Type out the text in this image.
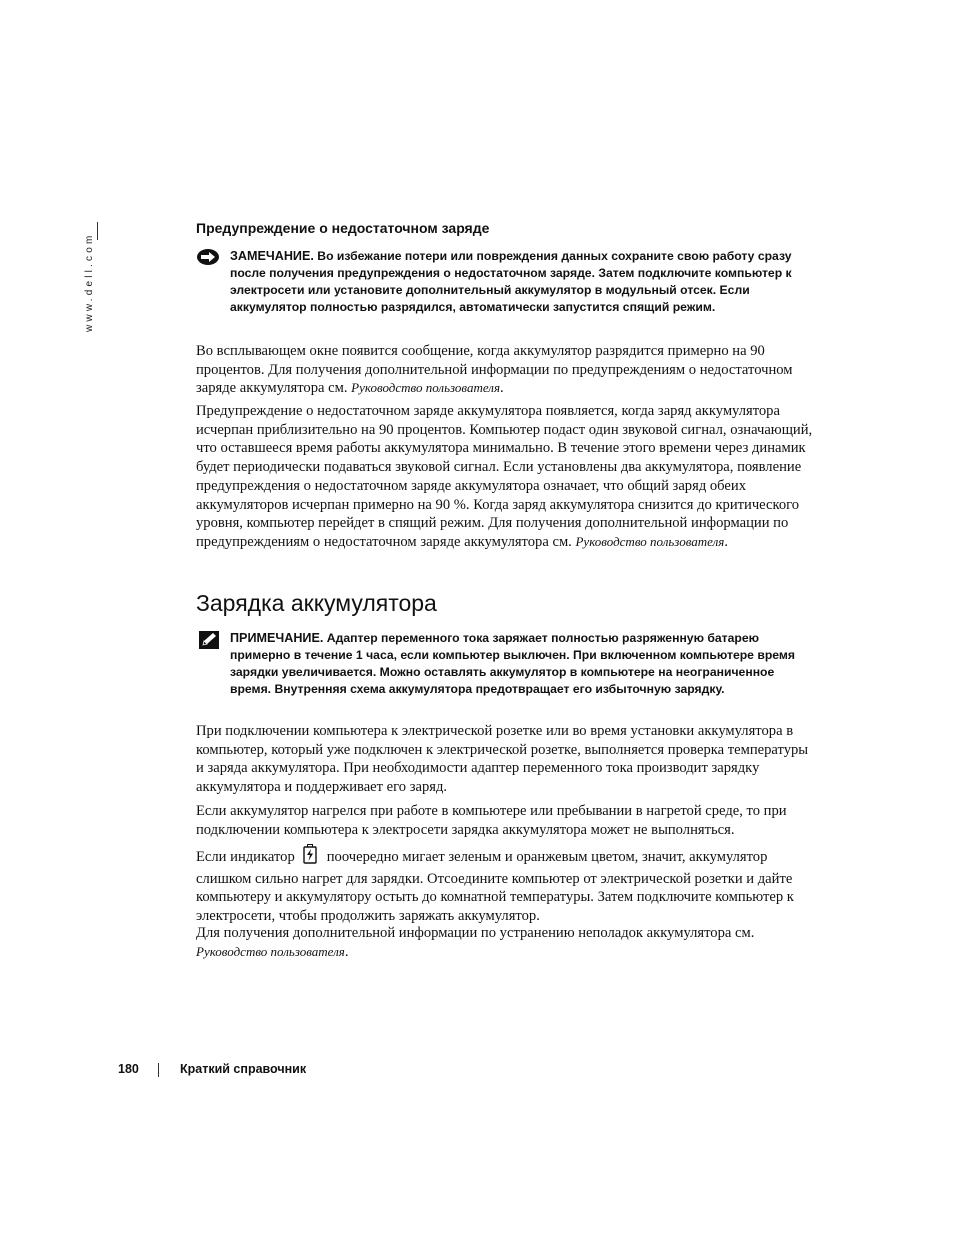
www.dell.com
Предупреждение о недостаточном заряде
ЗАМЕЧАНИЕ. Во избежание потери или повреждения данных сохраните свою работу сразу после получения предупреждения о недостаточном заряде. Затем подключите компьютер к электросети или установите дополнительный аккумулятор в модульный отсек. Если аккумулятор полностью разрядился, автоматически запустится спящий режим.

Во всплывающем окне появится сообщение, когда аккумулятор разрядится примерно на 90 процентов. Для получения дополнительной информации по предупреждениям о недостаточном заряде аккумулятора см. Руководство пользователя.

Предупреждение о недостаточном заряде аккумулятора появляется, когда заряд аккумулятора исчерпан приблизительно на 90 процентов. Компьютер подаст один звуковой сигнал, означающий, что оставшееся время работы аккумулятора минимально. В течение этого времени через динамик будет периодически подаваться звуковой сигнал. Если установлены два аккумулятора, появление предупреждения о недостаточном заряде аккумулятора означает, что общий заряд обеих аккумуляторов исчерпан примерно на 90 %. Когда заряд аккумулятора снизится до критического уровня, компьютер перейдет в спящий режим. Для получения дополнительной информации по предупреждениям о недостаточном заряде аккумулятора см. Руководство пользователя.

Зарядка аккумулятора
ПРИМЕЧАНИЕ. Адаптер переменного тока заряжает полностью разряженную батарею примерно в течение 1 часа, если компьютер выключен. При включенном компьютере время зарядки увеличивается. Можно оставлять аккумулятор в компьютере на неограниченное время. Внутренняя схема аккумулятора предотвращает его избыточную зарядку.

При подключении компьютера к электрической розетке или во время установки аккумулятора в компьютер, который уже подключен к электрической розетке, выполняется проверка температуры и заряда аккумулятора. При необходимости адаптер переменного тока производит зарядку аккумулятора и поддерживает его заряд.

Если аккумулятор нагрелся при работе в компьютере или пребывании в нагретой среде, то при подключении компьютера к электросети зарядка аккумулятора может не выполняться.

Если индикатор поочередно мигает зеленым и оранжевым цветом, значит, аккумулятор слишком сильно нагрет для зарядки. Отсоедините компьютер от электрической розетки и дайте компьютеру и аккумулятору остыть до комнатной температуры. Затем подключите компьютер к электросети, чтобы продолжить заряжать аккумулятор.

Для получения дополнительной информации по устранению неполадок аккумулятора см. Руководство пользователя.

180	Краткий справочник
